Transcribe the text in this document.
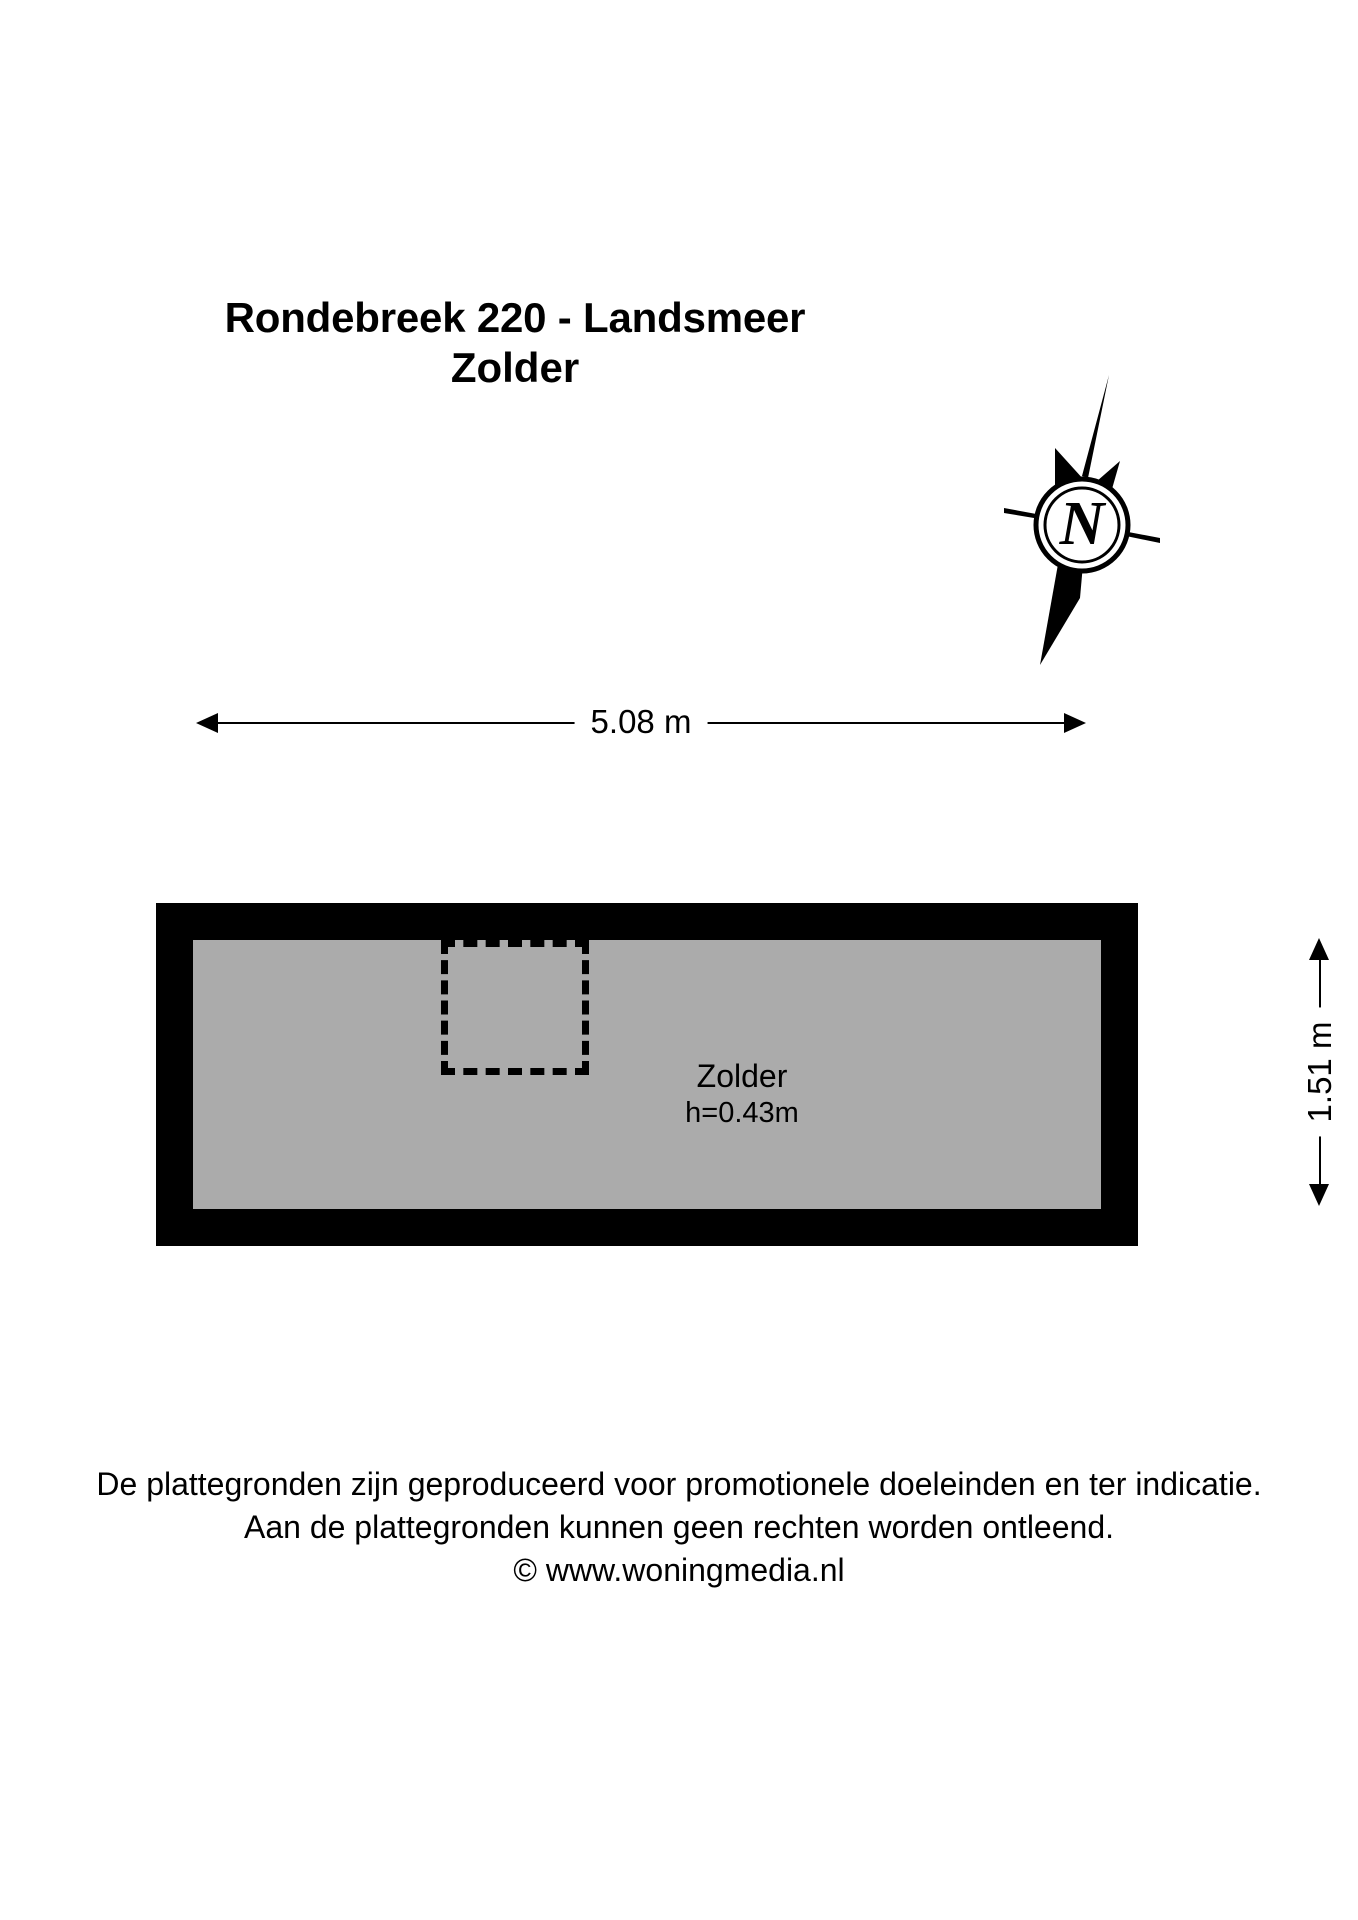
Rondebreek 220 - Landsmeer
Zolder
N
5.08 m
1.51 m
Zolder
h=0.43m
De plattegronden zijn geproduceerd voor promotionele doeleinden en ter indicatie.
Aan de plattegronden kunnen geen rechten worden ontleend.
© www.woningmedia.nl
